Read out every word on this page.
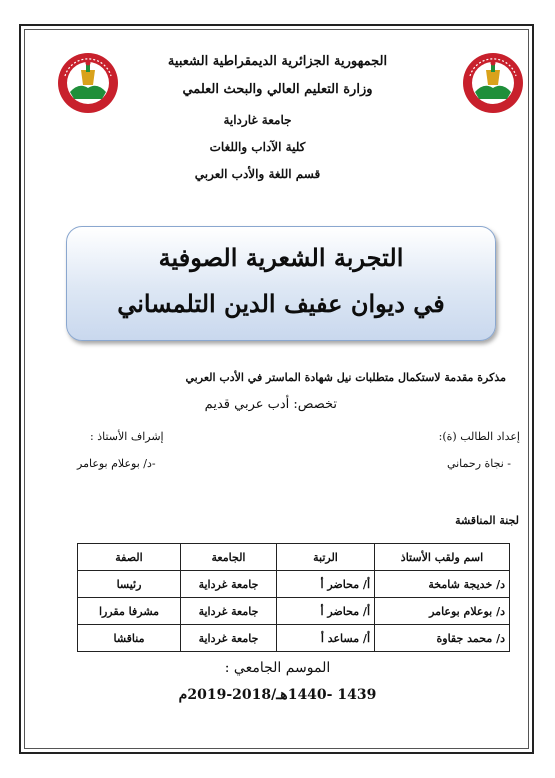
الجمهورية الجزائرية الديمقراطية الشعبية
وزارة التعليم العالي والبحث العلمي
جامعة غارداية
كلية الآداب واللغات
قسم اللغة والأدب العربي
التجربة الشعرية الصوفية
في ديوان عفيف الدين التلمساني
مذكرة مقدمة لاستكمال متطلبات نيل شهادة الماستر في الأدب العربي
تخصص: أدب عربي قديم
إعداد الطالب (ة):
- نجاة رحماني
إشراف الأستاذ :
-د/ بوعلام بوعامر
لجنة المناقشة
اسم ولقب الأستاذ	الرتبة	الجامعة	الصفة
د/ خديجة شامخة	أ/ محاضر أ	جامعة غرداية	رئيسا
د/ بوعلام بوعامر	أ/ محاضر أ	جامعة غرداية	مشرفا مقررا
د/ محمد جقاوة	أ/ مساعد أ	جامعة غرداية	مناقشا
الموسم الجامعي :
1439 -1440هـ/2018-2019م
